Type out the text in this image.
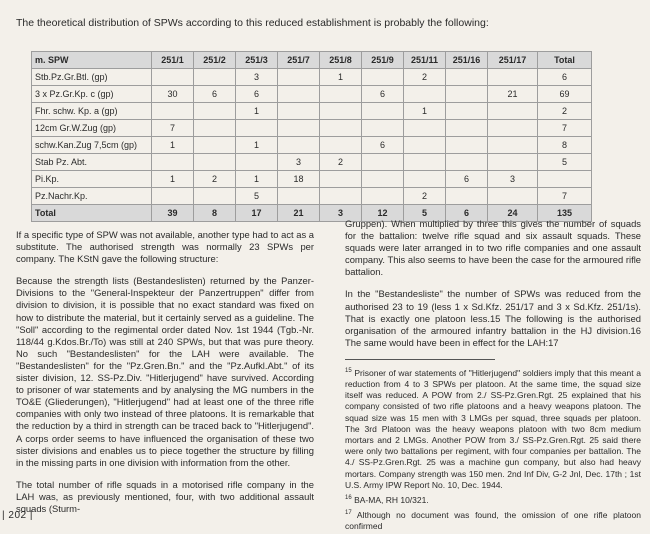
The theoretical distribution of SPWs according to this reduced establishment is probably the following:
m. SPW	251/1	251/2	251/3	251/7	251/8	251/9	251/11	251/16	251/17	Total
Stb.Pz.Gr.Btl. (gp)			3		1		2			6
3 x Pz.Gr.Kp. c (gp)	30	6	6			6			21	69
Fhr. schw. Kp. a (gp)			1				1			2
12cm Gr.W.Zug (gp)	7									7
schw.Kan.Zug 7,5cm (gp)	1		1			6				8
Stab Pz. Abt.				3	2					5
Pi.Kp.	1	2	1	18				6	3	
Pz.Nachr.Kp.			5				2			7
Total	39	8	17	21	3	12	5	6	24	135

If a specific type of SPW was not available, another type had to act as a substitute. The authorised strength was normally 23 SPWs per company. The KStN gave the following structure:

Because the strength lists (Bestandeslisten) returned by the Panzer-Divisions to the "General-Inspekteur der Panzertruppen" differ from division to division, it is possible that no exact standard was fixed on how to distribute the material, but it certainly served as a guideline. The "Soll" according to the regimental order dated Nov. 1st 1944 (Tgb.-Nr. 118/44 g.Kdos.Br./To) was still at 240 SPWs, but that was pure theory. No such "Bestandeslisten" for the LAH were available. The "Bestandeslisten" for the "Pz.Gren.Bn." and the "Pz.Aufkl.Abt." of its sister division, 12. SS-Pz.Div. "Hitlerjugend" have survived. According to prisoner of war statements and by analysing the MG numbers in the TO&E (Gliederungen), "Hitlerjugend" had at least one of the three rifle companies with only two instead of three platoons. It is remarkable that the reduction by a third in strength can be traced back to "Hitlerjugend". A corps order seems to have influenced the organisation of these two sister divisions and enables us to piece together the structure by filling in the missing parts in one division with information from the other.

The total number of rifle squads in a motorised rifle company in the LAH was, as previously mentioned, four, with two additional assault squads (Sturm-

Gruppen). When multiplied by three this gives the number of squads for the battalion: twelve rifle squad and six assault squads. These squads were later arranged in to two rifle companies and one assault company. This also seems to have been the case for the armoured rifle battalion.

In the "Bestandesliste" the number of SPWs was reduced from the authorised 23 to 19 (less 1 x Sd.Kfz. 251/17 and 3 x Sd.Kfz. 251/1s). That is exactly one platoon less.15 The following is the authorised organisation of the armoured infantry battalion in the HJ division.16 The same would have been in effect for the LAH:17

$^{15}$ Prisoner of war statements of "Hitlerjugend" soldiers imply that this meant a reduction from 4 to 3 SPWs per platoon. At the same time, the squad size itself was reduced. A POW from 2./ SS-Pz.Gren.Rgt. 25 explained that his company consisted of two rifle platoons and a heavy weapons platoon. The squad size was 15 men with 3 LMGs per squad, three squads per platoon. The 3rd Platoon was the heavy weapons platoon with two 8cm medium mortars and 2 LMGs. Another POW from 3./ SS-Pz.Gren.Rgt. 25 said there were only two battalions per regiment, with four companies per battalion. The 4./ SS-Pz.Gren.Rgt. 25 was a machine gun company, but also had heavy mortars. Company strength was 150 men. 2nd Inf Div, G-2 Jnl, Dec. 17th ; 1st U.S. Army IPW Report No. 10, Dec. 1944.
$^{16}$ BA-MA, RH 10/321.
$^{17}$ Although no document was found, the omission of one rifle platoon confirmed
| 202 |
